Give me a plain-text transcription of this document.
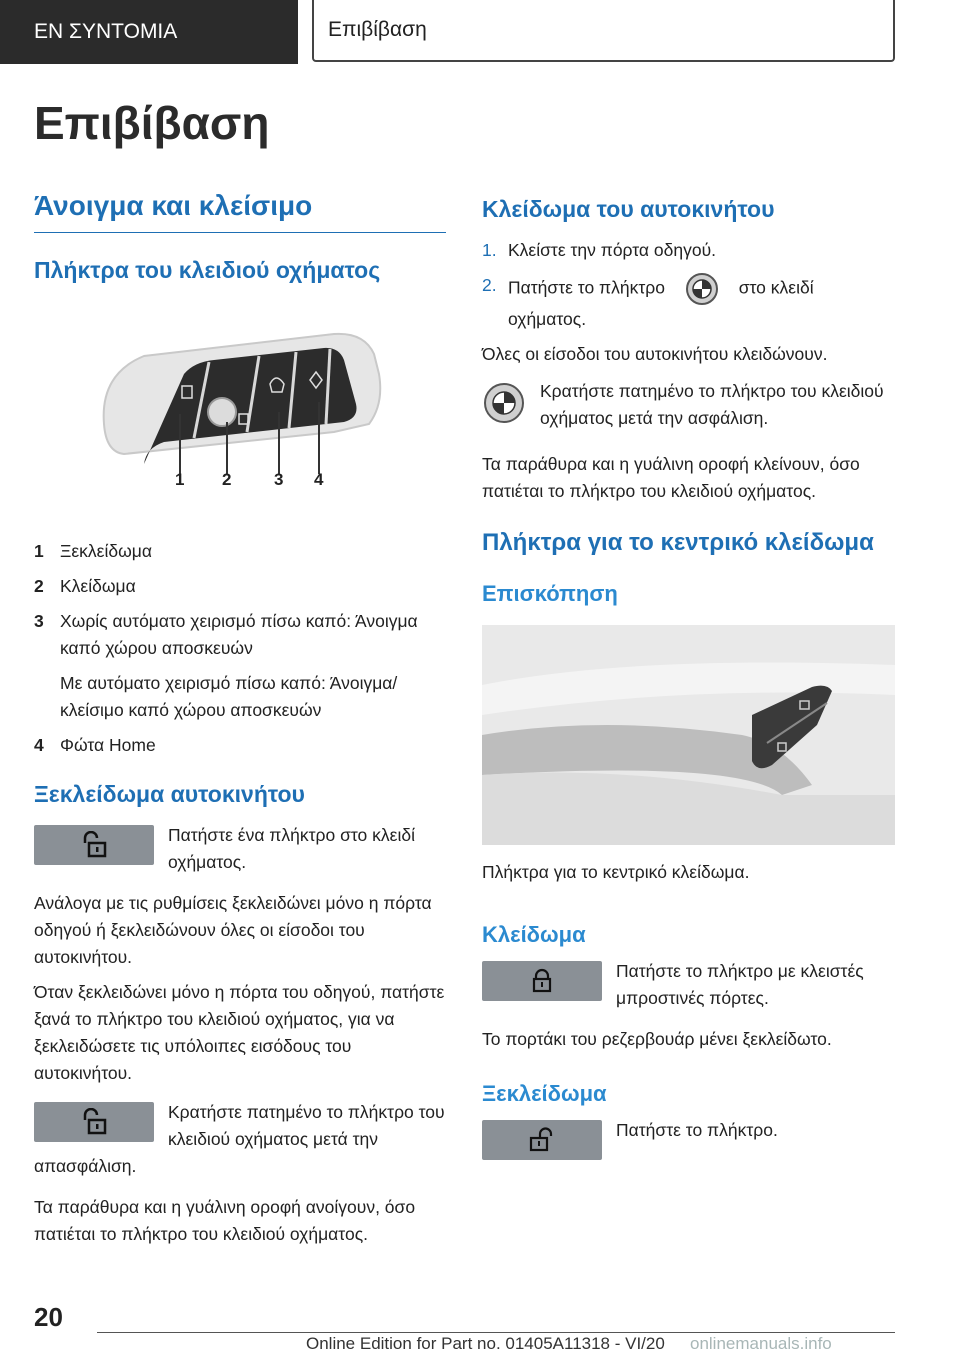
ΕΝ ΣΥΝΤΟΜΙΑ	Επιβίβαση
Επιβίβαση
Άνοιγμα και κλείσιμο
Πλήκτρα του κλειδιού οχήματος
1 2	3 4
1 Ξεκλείδωμα
2 Κλείδωμα
3 Χωρίς αυτόματο χειρισμό πίσω καπό: Άνοιγμα καπό χώρου αποσκευών
Με αυτόματο χειρισμό πίσω καπό: Άνοιγμα/κλείσιμο καπό χώρου αποσκευών
4 Φώτα Home
Ξεκλείδωμα αυτοκινήτου
Πατήστε ένα πλήκτρο στο κλειδί οχήματος.

Ανάλογα με τις ρυθμίσεις ξεκλειδώνει μόνο η πόρτα οδηγού ή ξεκλειδώνουν όλες οι είσοδοι του αυτοκινήτου.

Όταν ξεκλειδώνει μόνο η πόρτα του οδηγού, πατήστε ξανά το πλήκτρο του κλειδιού οχήματος, για να ξεκλειδώσετε τις υπόλοιπες εισόδους του αυτοκινήτου.

Κρατήστε πατημένο το πλήκτρο του κλειδιού οχήματος μετά την απασφάλιση.

Τα παράθυρα και η γυάλινη οροφή ανοίγουν, όσο πατιέται το πλήκτρο του κλειδιού οχήματος.

Κλείδωμα του αυτοκινήτου
1. Κλείστε την πόρτα οδηγού.
2. Πατήστε το πλήκτρο	στο κλειδί οχήματος.

Όλες οι είσοδοι του αυτοκινήτου κλειδώνουν.

Κρατήστε πατημένο το πλήκτρο του κλειδιού οχήματος μετά την ασφάλιση.

Τα παράθυρα και η γυάλινη οροφή κλείνουν, όσο πατιέται το πλήκτρο του κλειδιού οχήματος.

Πλήκτρα για το κεντρικό κλείδωμα
Επισκόπηση

Πλήκτρα για το κεντρικό κλείδωμα.

Κλείδωμα
Πατήστε το πλήκτρο με κλειστές μπροστινές πόρτες.

Το πορτάκι του ρεζερβουάρ μένει ξεκλείδωτο.

Ξεκλείδωμα
Πατήστε το πλήκτρο.
20
Online Edition for Part no. 01405A11318 - VI/20 onlinemanuals.info
